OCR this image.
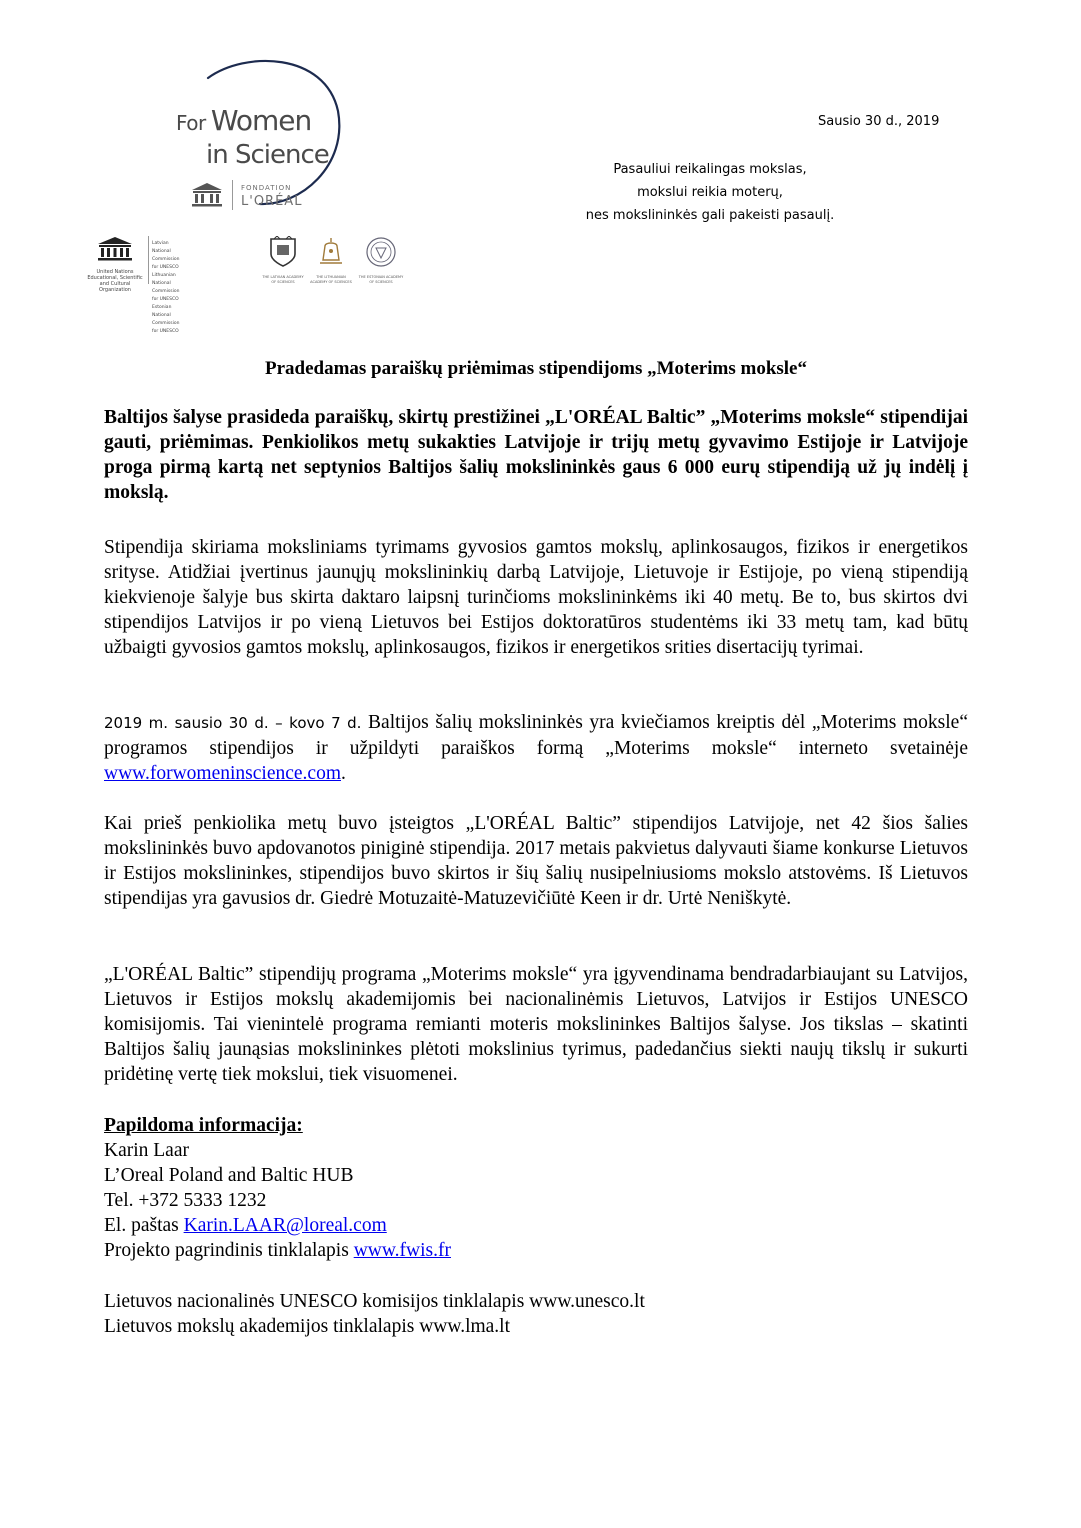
For Women
in Science
FONDATION
L'ORÉAL
United Nations Educational, Scientific and Cultural Organization
Latvian National Commission for UNESCO
Lithuanian National Commission for UNESCO
Estonian National Commission for UNESCO
THE LATVIAN ACADEMY OF SCIENCES
THE LITHUANIAN ACADEMY OF SCIENCES
THE ESTONIAN ACADEMY OF SCIENCES
Sausio 30 d., 2019
Pasauliui reikalingas mokslas,
mokslui reikia moterų,
nes mokslininkės gali pakeisti pasaulį.
Pradedamas paraiškų priėmimas stipendijoms „Moterims moksle“
Baltijos šalyse prasideda paraiškų, skirtų prestižinei „L'ORÉAL Baltic” „Moterims moksle“ stipendijai gauti, priėmimas. Penkiolikos metų sukakties Latvijoje ir trijų metų gyvavimo Estijoje ir Latvijoje proga pirmą kartą net septynios Baltijos šalių mokslininkės gaus 6 000 eurų stipendiją už jų indėlį į mokslą.
Stipendija skiriama moksliniams tyrimams gyvosios gamtos mokslų, aplinkosaugos, fizikos ir energetikos srityse. Atidžiai įvertinus jaunųjų mokslininkių darbą Latvijoje, Lietuvoje ir Estijoje, po vieną stipendiją kiekvienoje šalyje bus skirta daktaro laipsnį turinčioms mokslininkėms iki 40 metų. Be to, bus skirtos dvi stipendijos Latvijos ir po vieną Lietuvos bei Estijos doktoratūros studentėms iki 33 metų tam, kad būtų užbaigti gyvosios gamtos mokslų, aplinkosaugos, fizikos ir energetikos srities disertacijų tyrimai.
2019 m. sausio 30 d. – kovo 7 d. Baltijos šalių mokslininkės yra kviečiamos kreiptis dėl „Moterims moksle“ programos stipendijos ir užpildyti paraiškos formą „Moterims moksle“ interneto svetainėje www.forwomeninscience.com.
Kai prieš penkiolika metų buvo įsteigtos „L'ORÉAL Baltic” stipendijos Latvijoje, net 42 šios šalies mokslininkės buvo apdovanotos piniginė stipendija. 2017 metais pakvietus dalyvauti šiame konkurse Lietuvos ir Estijos mokslininkes, stipendijos buvo skirtos ir šių šalių nusipelniusioms mokslo atstovėms. Iš Lietuvos stipendijas yra gavusios dr. Giedrė Motuzaitė-Matuzevičiūtė Keen ir dr. Urtė Neniškytė.
„L'ORÉAL Baltic” stipendijų programa „Moterims moksle“ yra įgyvendinama bendradarbiaujant su Latvijos, Lietuvos ir Estijos mokslų akademijomis bei nacionalinėmis Lietuvos, Latvijos ir Estijos UNESCO komisijomis. Tai vienintelė programa remianti moteris mokslininkes Baltijos šalyse. Jos tikslas – skatinti Baltijos šalių jaunąsias mokslininkes plėtoti mokslinius tyrimus, padedančius siekti naujų tikslų ir sukurti pridėtinę vertę tiek mokslui, tiek visuomenei.
Papildoma informacija:
Karin Laar
L’Oreal Poland and Baltic HUB
Tel. +372 5333 1232
El. paštas Karin.LAAR@loreal.com
Projekto pagrindinis tinklalapis www.fwis.fr
Lietuvos nacionalinės UNESCO komisijos tinklalapis www.unesco.lt
Lietuvos mokslų akademijos tinklalapis www.lma.lt
